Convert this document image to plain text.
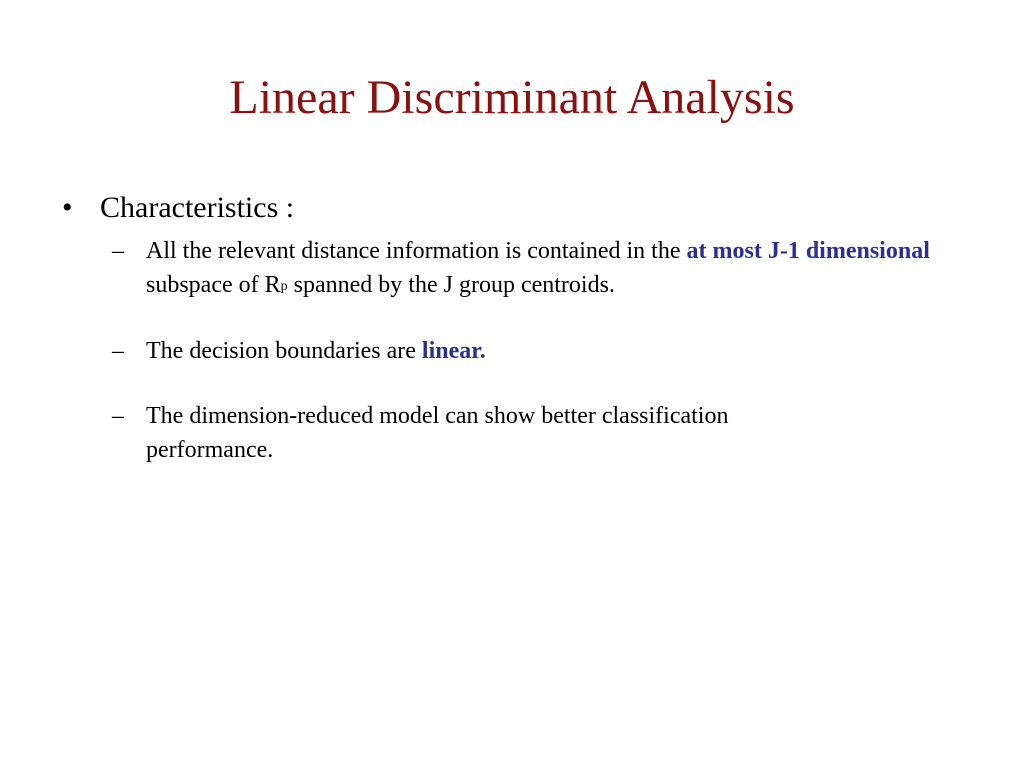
Linear Discriminant Analysis
• Characteristics :
– All the relevant distance information is contained in the at most J-1 dimensional subspace of $R^p$ spanned by the J group centroids.
– The decision boundaries are linear.
– The dimension-reduced model can show better classification performance.
